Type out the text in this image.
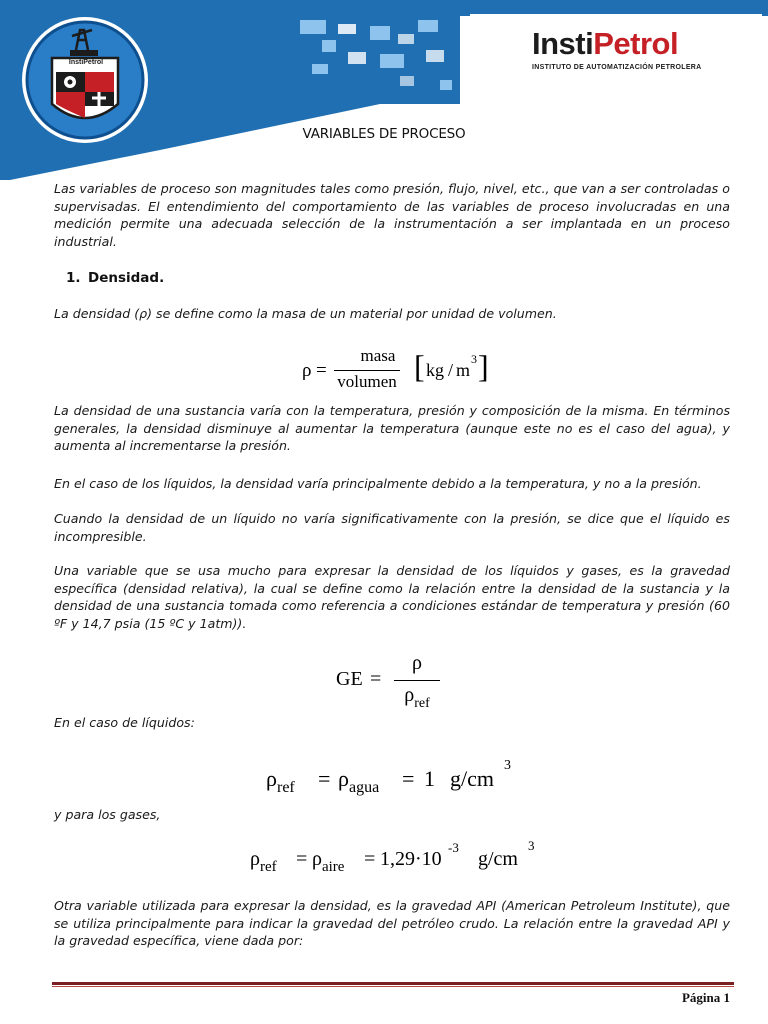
InstiPetrol
INSTITUTO DE AUTOMATIZACIÓN PETROLERA
InstiPetrol
VARIABLES DE PROCESO

Las variables de proceso son magnitudes tales como presión, flujo, nivel, etc., que van a ser controladas o supervisadas. El entendimiento del comportamiento de las variables de proceso involucradas en una medición permite una adecuada selección de la instrumentación a ser implantada en un proceso industrial.

1. Densidad.

La densidad (ρ) se define como la masa de un material por unidad de volumen.

La densidad de una sustancia varía con la temperatura, presión y composición de la misma. En términos generales, la densidad disminuye al aumentar la temperatura (aunque este no es el caso del agua), y aumenta al incrementarse la presión.

En el caso de los líquidos, la densidad varía principalmente debido a la temperatura, y no a la presión.

Cuando la densidad de un líquido no varía significativamente con la presión, se dice que el líquido es incompresible.

Una variable que se usa mucho para expresar la densidad de los líquidos y gases, es la gravedad específica (densidad relativa), la cual se define como la relación entre la densidad de la sustancia y la densidad de una sustancia tomada como referencia a condiciones estándar de temperatura y presión (60 ºF y 14,7 psia (15 ºC y 1atm)).

En el caso de líquidos:

y para los gases,

Otra variable utilizada para expresar la densidad, es la gravedad API (American Petroleum Institute), que se utiliza principalmente para indicar la gravedad del petróleo crudo. La relación entre la gravedad API y la gravedad específica, viene dada por:

ρ =
masa
volumen [ kg / m
3 ]
GE =
ρ
$\rho_{ref}$
$\rho_{ref} = \rho_{agua} = 1$ g/cm
3
$\rho_{ref} = \rho_{aire} = 1,29\cdot 10$
-3
g/cm
3
Página 1
